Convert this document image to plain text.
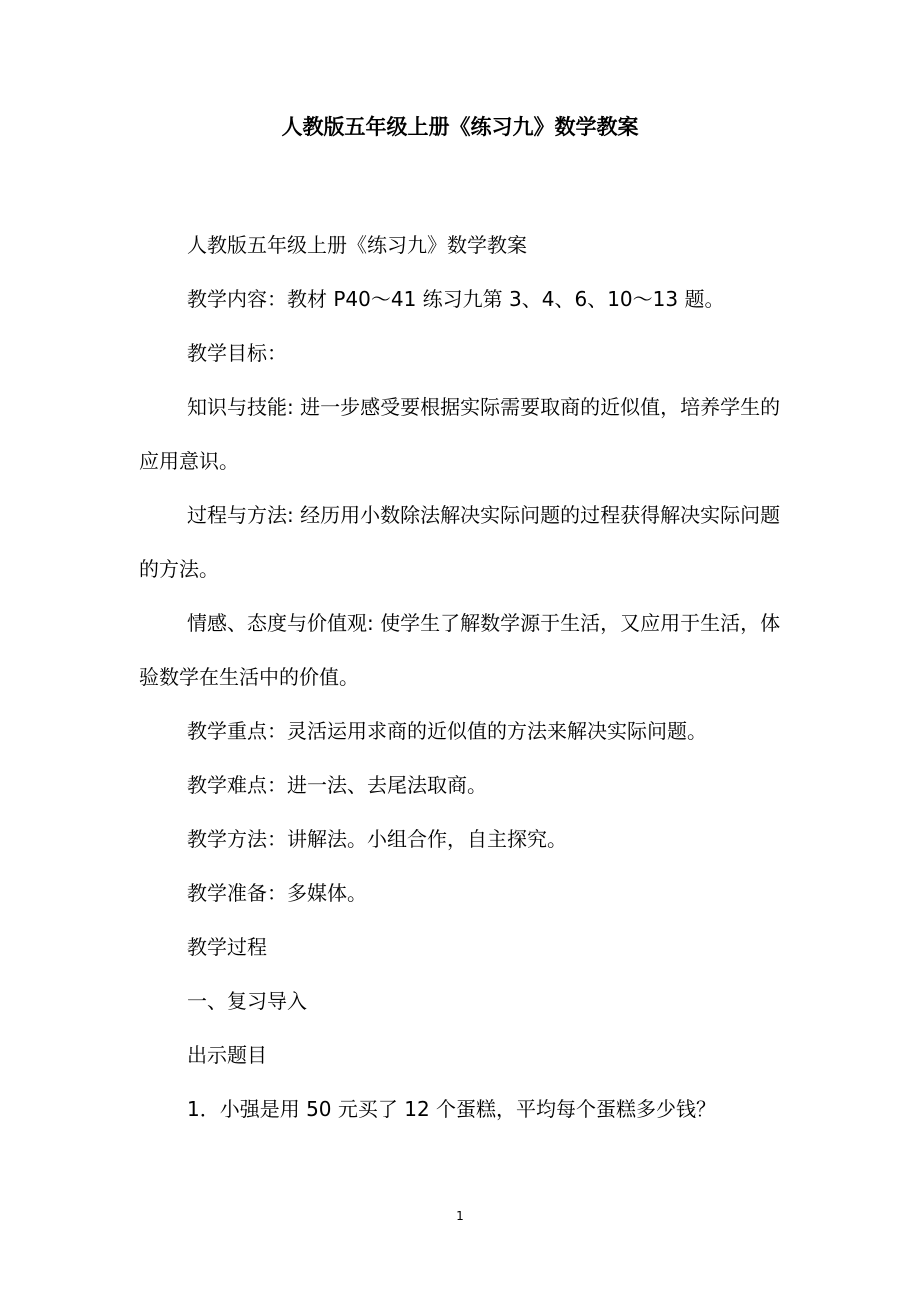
人教版五年级上册《练习九》数学教案

人教版五年级上册《练习九》数学教案

教学内容：教材 P40～41 练习九第 3、4、6、10～13 题。

教学目标：

知识与技能: 进一步感受要根据实际需要取商的近似值，培养学生的应用意识。

过程与方法: 经历用小数除法解决实际问题的过程获得解决实际问题的方法。

情感、态度与价值观: 使学生了解数学源于生活，又应用于生活，体验数学在生活中的价值。

教学重点：灵活运用求商的近似值的方法来解决实际问题。

教学难点：进一法、去尾法取商。

教学方法：讲解法。小组合作，自主探究。

教学准备：多媒体。

教学过程

一、复习导入

出示题目

1．小强是用 50 元买了 12 个蛋糕，平均每个蛋糕多少钱？

1
